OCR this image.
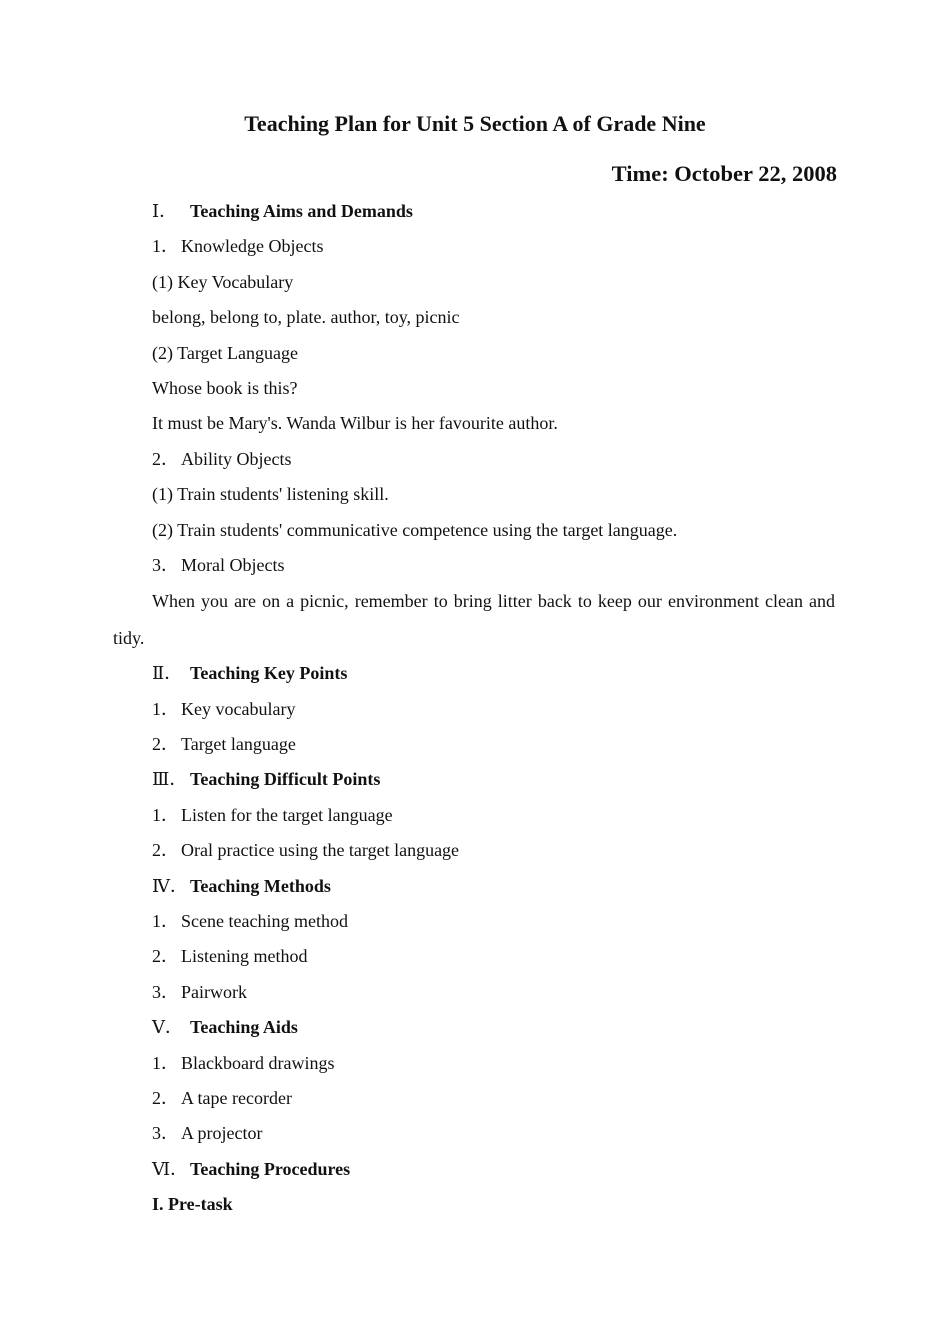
Teaching Plan for Unit 5 Section A of Grade Nine
Time: October 22, 2008
Ⅰ． Teaching Aims and Demands
1． Knowledge Objects
(1) Key Vocabulary
belong, belong to, plate. author, toy, picnic
(2) Target Language
Whose book is this?
It must be Mary's. Wanda Wilbur is her favourite author.
2． Ability Objects
(1) Train students' listening skill.
(2) Train students' communicative competence using the target language.
3． Moral Objects
When you are on a picnic, remember to bring litter back to keep our environment clean and tidy.
Ⅱ． Teaching Key Points
1． Key vocabulary
2． Target language
Ⅲ． Teaching Difficult Points
1． Listen for the target language
2． Oral practice using the target language
Ⅳ． Teaching Methods
1． Scene teaching method
2． Listening method
3． Pairwork
Ⅴ． Teaching Aids
1． Blackboard drawings
2． A tape recorder
3． A projector
Ⅵ． Teaching Procedures
I. Pre-task
